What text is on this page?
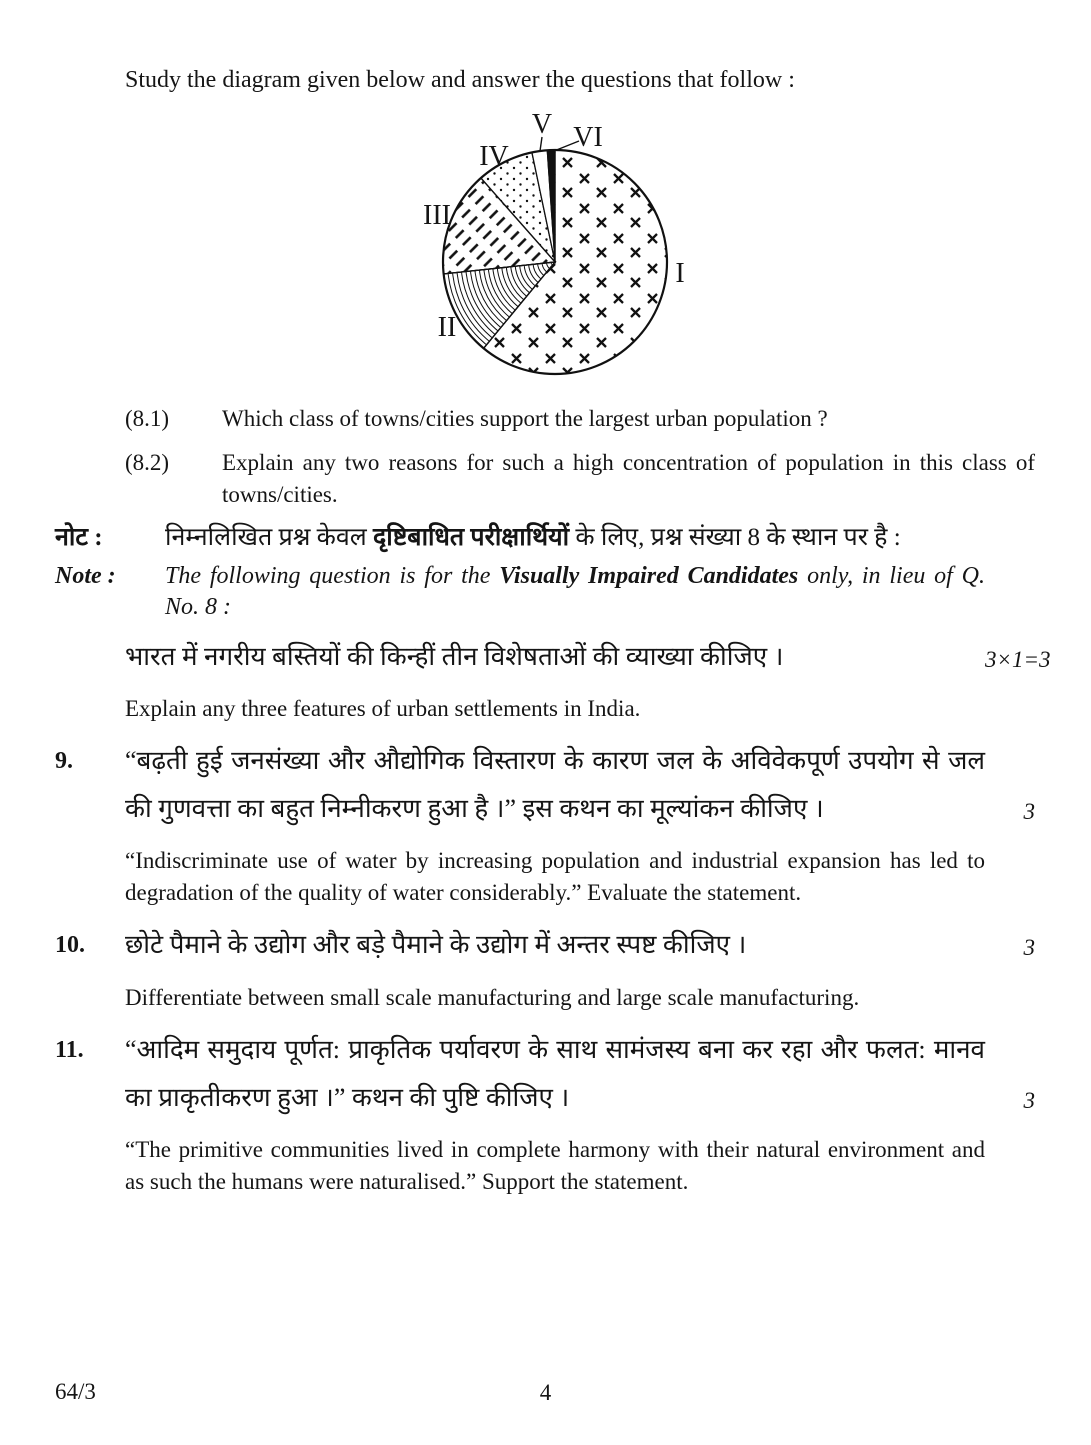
Study the diagram given below and answer the questions that follow :

I
II
III
IV
V VI
(8.1)	Which class of towns/cities support the largest urban population ?

(8.2)	Explain any two reasons for such a high concentration of population in this class of towns/cities.

नोट :	निम्नलिखित प्रश्न केवल दृष्टिबाधित परीक्षार्थियों के लिए, प्रश्न संख्या 8 के स्थान पर है :

Note :	The following question is for the Visually Impaired Candidates only, in lieu of Q. No. 8 :

भारत में नगरीय बस्तियों की किन्हीं तीन विशेषताओं की व्याख्या कीजिए ।	3×1=3

Explain any three features of urban settlements in India.

9.	“बढ़ती हुई जनसंख्या और औद्योगिक विस्तारण के कारण जल के अविवेकपूर्ण उपयोग से जल की गुणवत्ता का बहुत निम्नीकरण हुआ है ।” इस कथन का मूल्यांकन कीजिए ।	3

“Indiscriminate use of water by increasing population and industrial expansion has led to degradation of the quality of water considerably.” Evaluate the statement.

10.	छोटे पैमाने के उद्योग और बड़े पैमाने के उद्योग में अन्तर स्पष्ट कीजिए ।	3

Differentiate between small scale manufacturing and large scale manufacturing.

11.	“आदिम समुदाय पूर्णत: प्राकृतिक पर्यावरण के साथ सामंजस्य बना कर रहा और फलत: मानव का प्राकृतीकरण हुआ ।” कथन की पुष्टि कीजिए ।	3

“The primitive communities lived in complete harmony with their natural environment and as such the humans were naturalised.” Support the statement.

64/3	4
